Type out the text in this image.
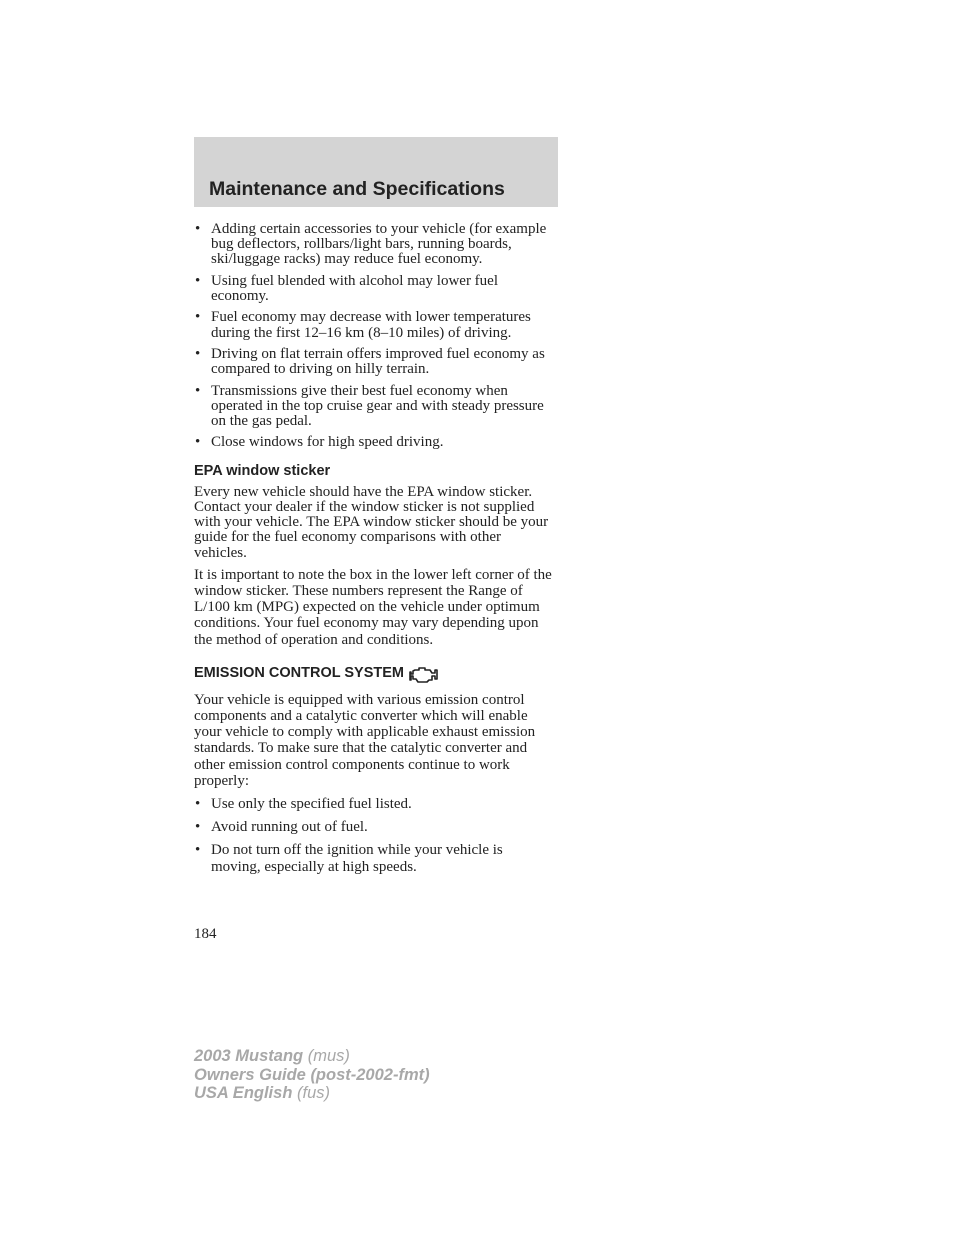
Maintenance and Specifications
• Adding certain accessories to your vehicle (for example bug deflectors, rollbars/light bars, running boards, ski/luggage racks) may reduce fuel economy.
• Using fuel blended with alcohol may lower fuel economy.
• Fuel economy may decrease with lower temperatures during the first 12–16 km (8–10 miles) of driving.
• Driving on flat terrain offers improved fuel economy as compared to driving on hilly terrain.
• Transmissions give their best fuel economy when operated in the top cruise gear and with steady pressure on the gas pedal.
• Close windows for high speed driving.
EPA window sticker

Every new vehicle should have the EPA window sticker. Contact your dealer if the window sticker is not supplied with your vehicle. The EPA window sticker should be your guide for the fuel economy comparisons with other vehicles.

It is important to note the box in the lower left corner of the window sticker. These numbers represent the Range of L/100 km (MPG) expected on the vehicle under optimum conditions. Your fuel economy may vary depending upon the method of operation and conditions.

EMISSION CONTROL SYSTEM

Your vehicle is equipped with various emission control components and a catalytic converter which will enable your vehicle to comply with applicable exhaust emission standards. To make sure that the catalytic converter and other emission control components continue to work properly:

• Use only the specified fuel listed.
• Avoid running out of fuel.
• Do not turn off the ignition while your vehicle is moving, especially at high speeds.
184
2003 Mustang (mus)
Owners Guide (post-2002-fmt)
USA English (fus)
